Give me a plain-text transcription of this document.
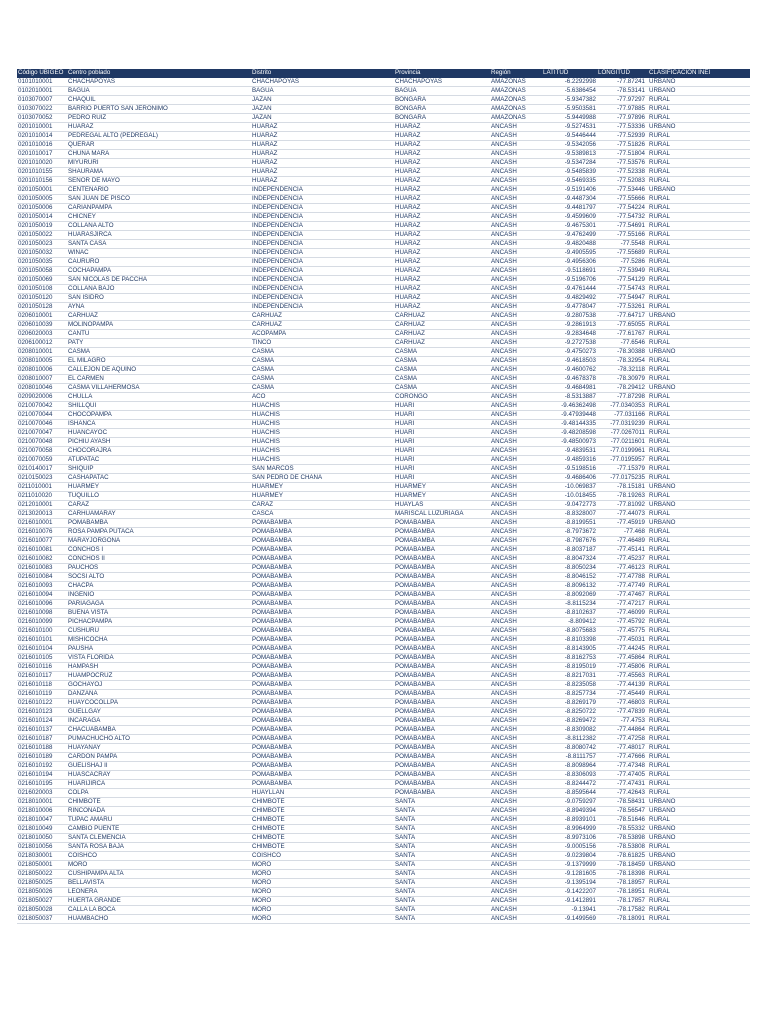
Código UBIGEO	Centro poblado	Distrito	Provincia	Región	LATITUD	LONGITUD	CLASIFICACIÓN INEI
0101010001	CHACHAPOYAS	CHACHAPOYAS	CHACHAPOYAS	AMAZONAS	-6.2292998	-77.87241	URBANO
0102010001	BAGUA	BAGUA	BAGUA	AMAZONAS	-5.6386454	-78.53141	URBANO
0103070007	CHÁQUIL	JAZAN	BONGARA	AMAZONAS	-5.9347382	-77.97297	RURAL
0103070022	BARRIO PUERTO SAN JERONIMO	JAZAN	BONGARA	AMAZONAS	-5.9503581	-77.97885	RURAL
0103070052	PEDRO RUIZ	JAZAN	BONGARA	AMAZONAS	-5.9449988	-77.97896	RURAL
0201010001	HUARAZ	HUARAZ	HUARAZ	ANCASH	-9.5274531	-77.53336	URBANO
0201010014	PEDREGAL ALTO (PEDREGAL)	HUARAZ	HUARAZ	ANCASH	-9.5446444	-77.52939	RURAL
0201010016	QUERAR	HUARAZ	HUARAZ	ANCASH	-9.5342056	-77.51826	RURAL
0201010017	CHUNA MARA	HUARAZ	HUARAZ	ANCASH	-9.5389813	-77.51804	RURAL
0201010020	MIYURURI	HUARAZ	HUARAZ	ANCASH	-9.5347284	-77.53576	RURAL
0201010155	SHAURAMA	HUARAZ	HUARAZ	ANCASH	-9.5485839	-77.52338	RURAL
0201010156	SEÑOR DE MAYO	HUARAZ	HUARAZ	ANCASH	-9.5469335	-77.52083	RURAL
0201050001	CENTENARIO	INDEPENDENCIA	HUARAZ	ANCASH	-9.5191406	-77.53446	URBANO
0201050005	SAN JUAN DE PISCO	INDEPENDENCIA	HUARAZ	ANCASH	-9.4487304	-77.55666	RURAL
0201050006	CARIANPAMPA	INDEPENDENCIA	HUARAZ	ANCASH	-9.4481797	-77.54224	RURAL
0201050014	CHICNEY	INDEPENDENCIA	HUARAZ	ANCASH	-9.4599609	-77.54732	RURAL
0201050019	COLLANA ALTO	INDEPENDENCIA	HUARAZ	ANCASH	-9.4675301	-77.54691	RURAL
0201050022	HUARASJIRCA	INDEPENDENCIA	HUARAZ	ANCASH	-9.4762499	-77.55166	RURAL
0201050023	SANTA CASA	INDEPENDENCIA	HUARAZ	ANCASH	-9.4820488	-77.5548	RURAL
0201050032	WINAC	INDEPENDENCIA	HUARAZ	ANCASH	-9.4905595	-77.55689	RURAL
0201050035	CAURURO	INDEPENDENCIA	HUARAZ	ANCASH	-9.4956306	-77.5286	RURAL
0201050058	COCHAPAMPA	INDEPENDENCIA	HUARAZ	ANCASH	-9.5118691	-77.53949	RURAL
0201050069	SAN NICOLAS DE PACCHA	INDEPENDENCIA	HUARAZ	ANCASH	-9.5196706	-77.54129	RURAL
0201050108	COLLANA BAJO	INDEPENDENCIA	HUARAZ	ANCASH	-9.4761444	-77.54743	RURAL
0201050120	SAN ISIDRO	INDEPENDENCIA	HUARAZ	ANCASH	-9.4829492	-77.54947	RURAL
0201050128	AYNA	INDEPENDENCIA	HUARAZ	ANCASH	-9.4778047	-77.53261	RURAL
0206010001	CARHUAZ	CARHUAZ	CARHUAZ	ANCASH	-9.2807538	-77.64717	URBANO
0206010039	MOLINOPAMPA	CARHUAZ	CARHUAZ	ANCASH	-9.2861913	-77.65055	RURAL
0206020003	CANTU	ACOPAMPA	CARHUAZ	ANCASH	-9.2834648	-77.61767	RURAL
0206100012	PATY	TINCO	CARHUAZ	ANCASH	-9.2727538	-77.6546	RURAL
0208010001	CASMA	CASMA	CASMA	ANCASH	-9.4750273	-78.30388	URBANO
0208010005	EL MILAGRO	CASMA	CASMA	ANCASH	-9.4618503	-78.32954	RURAL
0208010006	CALLEJON DE AQUIÑO	CASMA	CASMA	ANCASH	-9.4600762	-78.32118	RURAL
0208010007	EL CARMEN	CASMA	CASMA	ANCASH	-9.4678378	-78.30979	RURAL
0208010046	CASMA VILLAHERMOSA	CASMA	CASMA	ANCASH	-9.4684981	-78.29412	URBANO
0209020006	CHULLA	ACO	CORONGO	ANCASH	-8.5313887	-77.87298	RURAL
0210070042	SHILLQUI	HUACHIS	HUARI	ANCASH	-9.46362498	-77.0340353	RURAL
0210070044	CHOCOPAMPA	HUACHIS	HUARI	ANCASH	-9.47939448	-77.031166	RURAL
0210070046	ISHANCA	HUACHIS	HUARI	ANCASH	-9.48144335	-77.0319239	RURAL
0210070047	HUANCAYOC	HUACHIS	HUARI	ANCASH	-9.48208598	-77.0267011	RURAL
0210070048	PICHIU AYASH	HUACHIS	HUARI	ANCASH	-9.48500973	-77.0211601	RURAL
0210070058	CHOCORAJRA	HUACHIS	HUARI	ANCASH	-9.4839531	-77.0199961	RURAL
0210070059	ATUPATAC	HUACHIS	HUARI	ANCASH	-9.4859316	-77.0195957	RURAL
0210140017	SHIQUIP	SAN MARCOS	HUARI	ANCASH	-9.5198516	-77.15379	RURAL
0210150023	CASHAPATAC	SAN PEDRO DE CHANA	HUARI	ANCASH	-9.4686406	-77.0175235	RURAL
0211010001	HUARMEY	HUARMEY	HUARMEY	ANCASH	-10.069837	-78.15181	URBANO
0211010020	TUQUILLO	HUARMEY	HUARMEY	ANCASH	-10.018455	-78.19263	RURAL
0212010001	CARAZ	CARAZ	HUAYLAS	ANCASH	-9.0472773	-77.81092	URBANO
0213020013	CARHUAMARAY	CASCA	MARISCAL LUZURIAGA	ANCASH	-8.8328007	-77.44073	RURAL
0216010001	POMABAMBA	POMABAMBA	POMABAMBA	ANCASH	-8.8199551	-77.45919	URBANO
0216010076	ROSA PAMPA PUTACA	POMABAMBA	POMABAMBA	ANCASH	-8.7973672	-77.468	RURAL
0216010077	MARAYJORGONA	POMABAMBA	POMABAMBA	ANCASH	-8.7987676	-77.46489	RURAL
0216010081	CONCHOS I	POMABAMBA	POMABAMBA	ANCASH	-8.8037187	-77.45141	RURAL
0216010082	CONCHOS II	POMABAMBA	POMABAMBA	ANCASH	-8.8047324	-77.45237	RURAL
0216010083	PAUCHOS	POMABAMBA	POMABAMBA	ANCASH	-8.8050234	-77.46123	RURAL
0216010084	SOCSI ALTO	POMABAMBA	POMABAMBA	ANCASH	-8.8046152	-77.47788	RURAL
0216010093	CHACPA	POMABAMBA	POMABAMBA	ANCASH	-8.8096132	-77.47749	RURAL
0216010094	INGENIO	POMABAMBA	POMABAMBA	ANCASH	-8.8092069	-77.47467	RURAL
0216010096	PARIAGAGA	POMABAMBA	POMABAMBA	ANCASH	-8.8115234	-77.47217	RURAL
0216010098	BUENA VISTA	POMABAMBA	POMABAMBA	ANCASH	-8.8102637	-77.46099	RURAL
0216010099	PICHACPAMPA	POMABAMBA	POMABAMBA	ANCASH	-8.809412	-77.45792	RURAL
0216010100	CUSHURU	POMABAMBA	POMABAMBA	ANCASH	-8.8075683	-77.45775	RURAL
0216010101	MISHICOCHA	POMABAMBA	POMABAMBA	ANCASH	-8.8103398	-77.45031	RURAL
0216010104	PAUSHA	POMABAMBA	POMABAMBA	ANCASH	-8.8143905	-77.44245	RURAL
0216010105	VISTA FLORIDA	POMABAMBA	POMABAMBA	ANCASH	-8.8162753	-77.45864	RURAL
0216010116	HAMPASH	POMABAMBA	POMABAMBA	ANCASH	-8.8195019	-77.45806	RURAL
0216010117	HUAMPOCRUZ	POMABAMBA	POMABAMBA	ANCASH	-8.8217031	-77.45563	RURAL
0216010118	GOCHAYOJ	POMABAMBA	POMABAMBA	ANCASH	-8.8235058	-77.44139	RURAL
0216010119	DANZANA	POMABAMBA	POMABAMBA	ANCASH	-8.8257734	-77.45449	RURAL
0216010122	HUAYCOCOLLPA	POMABAMBA	POMABAMBA	ANCASH	-8.8269179	-77.46803	RURAL
0216010123	GUELLGAY	POMABAMBA	POMABAMBA	ANCASH	-8.8250722	-77.47839	RURAL
0216010124	INCARAGA	POMABAMBA	POMABAMBA	ANCASH	-8.8269472	-77.4753	RURAL
0216010137	CHACUABAMBA	POMABAMBA	POMABAMBA	ANCASH	-8.8309082	-77.44864	RURAL
0216010187	PUMACHUCHO ALTO	POMABAMBA	POMABAMBA	ANCASH	-8.8112382	-77.47258	RURAL
0216010188	HUAYANAY	POMABAMBA	POMABAMBA	ANCASH	-8.8080742	-77.48017	RURAL
0216010189	CARDON PAMPA	POMABAMBA	POMABAMBA	ANCASH	-8.8111757	-77.47666	RURAL
0216010192	GUELISHAJ II	POMABAMBA	POMABAMBA	ANCASH	-8.8098964	-77.47348	RURAL
0216010194	HUASCACRAY	POMABAMBA	POMABAMBA	ANCASH	-8.8306093	-77.47405	RURAL
0216010195	HUARIJIRCA	POMABAMBA	POMABAMBA	ANCASH	-8.8244472	-77.47431	RURAL
0216020003	COLPA	HUAYLLAN	POMABAMBA	ANCASH	-8.8595644	-77.42643	RURAL
0218010001	CHIMBOTE	CHIMBOTE	SANTA	ANCASH	-9.0759297	-78.58431	URBANO
0218010006	RINCONADA	CHIMBOTE	SANTA	ANCASH	-8.8949394	-78.56547	URBANO
0218010047	TUPAC AMARU	CHIMBOTE	SANTA	ANCASH	-8.8939101	-78.51646	RURAL
0218010049	CAMBIO PUENTE	CHIMBOTE	SANTA	ANCASH	-8.9964999	-78.55332	URBANO
0218010050	SANTA CLEMENCIA	CHIMBOTE	SANTA	ANCASH	-8.9973106	-78.53898	URBANO
0218010056	SANTA ROSA BAJA	CHIMBOTE	SANTA	ANCASH	-9.0005156	-78.53808	RURAL
0218030001	COISHCO	COISHCO	SANTA	ANCASH	-9.0239804	-78.61825	URBANO
0218050001	MORO	MORO	SANTA	ANCASH	-9.1379999	-78.18459	URBANO
0218050022	CUSHIPAMPA ALTA	MORO	SANTA	ANCASH	-9.1281605	-78.18398	RURAL
0218050025	BELLAVISTA	MORO	SANTA	ANCASH	-9.1395194	-78.18957	RURAL
0218050026	LEONERA	MORO	SANTA	ANCASH	-9.1422207	-78.18951	RURAL
0218050027	HUERTA GRANDE	MORO	SANTA	ANCASH	-9.1412891	-78.17857	RURAL
0218050028	CALLA LA BOCA	MORO	SANTA	ANCASH	-9.13941	-78.17582	RURAL
0218050037	HUAMBACHO	MORO	SANTA	ANCASH	-9.1499569	-78.18091	RURAL
